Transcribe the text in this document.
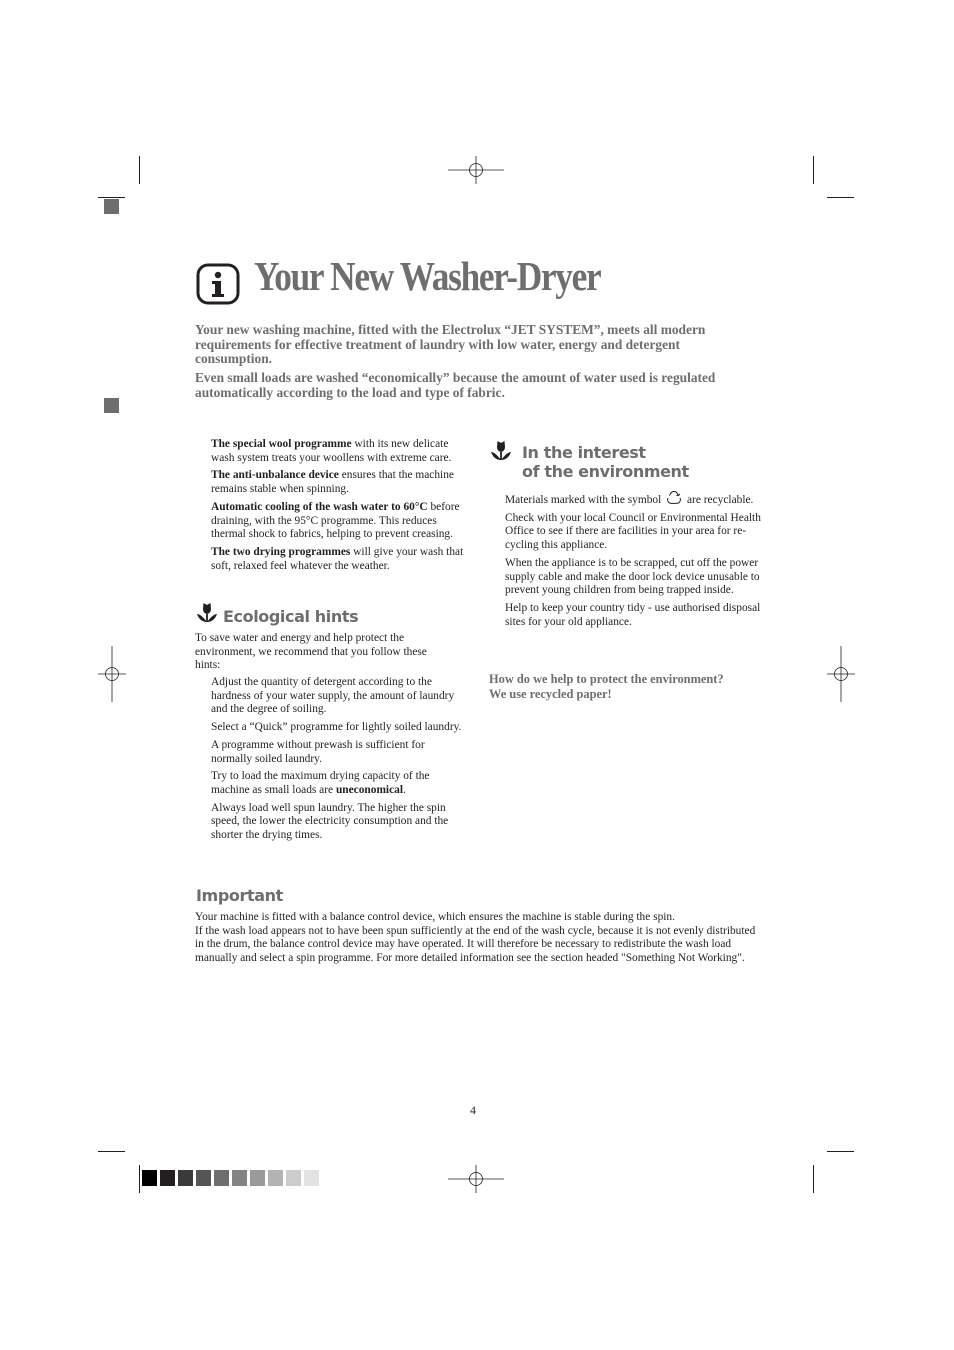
Your New Washer-Dryer

Your new washing machine, fitted with the Electrolux “JET SYSTEM”, meets all modern requirements for effective treatment of laundry with low water, energy and detergent consumption.

Even small loads are washed “economically” because the amount of water used is regulated automatically according to the load and type of fabric.

The special wool programme with its new delicate wash system treats your woollens with extreme care.

The anti-unbalance device ensures that the machine remains stable when spinning.

Automatic cooling of the wash water to 60°C before draining, with the 95°C programme. This reduces thermal shock to fabrics, helping to prevent creasing.

The two drying programmes will give your wash that soft, relaxed feel whatever the weather.

Ecological hints

To save water and energy and help protect the environment, we recommend that you follow these hints:

Adjust the quantity of detergent according to the hardness of your water supply, the amount of laundry and the degree of soiling.

Select a “Quick” programme for lightly soiled laundry.

A programme without prewash is sufficient for normally soiled laundry.

Try to load the maximum drying capacity of the machine as small loads are uneconomical.

Always load well spun laundry. The higher the spin speed, the lower the electricity consumption and the shorter the drying times.

In the interest
of the environment

Materials marked with the symbol are recyclable.

Check with your local Council or Environmental Health Office to see if there are facilities in your area for re-cycling this appliance.

When the appliance is to be scrapped, cut off the power supply cable and make the door lock device unusable to prevent young children from being trapped inside.

Help to keep your country tidy - use authorised disposal sites for your old appliance.

How do we help to protect the environment?
We use recycled paper!
Important
Your machine is fitted with a balance control device, which ensures the machine is stable during the spin.
If the wash load appears not to have been spun sufficiently at the end of the wash cycle, because it is not evenly distributed in the drum, the balance control device may have operated. It will therefore be necessary to redistribute the wash load manually and select a spin programme. For more detailed information see the section headed "Something Not Working".
4
